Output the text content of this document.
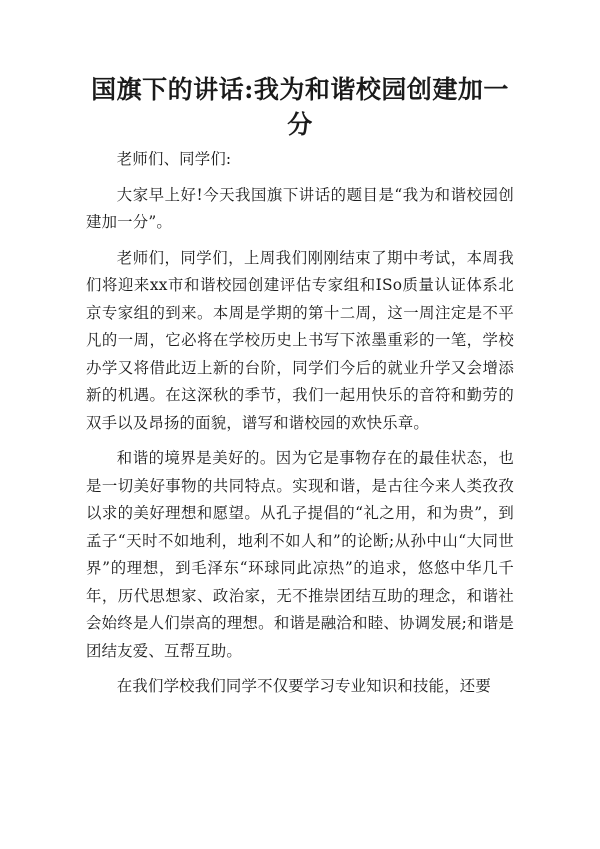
国旗下的讲话:我为和谐校园创建加一分

老师们、同学们:

大家早上好!今天我国旗下讲话的题目是“我为和谐校园创建加一分”。

老师们，同学们，上周我们刚刚结束了期中考试，本周我们将迎来xx市和谐校园创建评估专家组和ISo质量认证体系北京专家组的到来。本周是学期的第十二周，这一周注定是不平凡的一周，它必将在学校历史上书写下浓墨重彩的一笔，学校办学又将借此迈上新的台阶，同学们今后的就业升学又会增添新的机遇。在这深秋的季节，我们一起用快乐的音符和勤劳的双手以及昂扬的面貌，谱写和谐校园的欢快乐章。

和谐的境界是美好的。因为它是事物存在的最佳状态，也是一切美好事物的共同特点。实现和谐，是古往今来人类孜孜以求的美好理想和愿望。从孔子提倡的“礼之用，和为贵”，到孟子“天时不如地利，地利不如人和”的论断;从孙中山“大同世界”的理想，到毛泽东“环球同此凉热”的追求，悠悠中华几千年，历代思想家、政治家，无不推崇团结互助的理念，和谐社会始终是人们崇高的理想。和谐是融洽和睦、协调发展;和谐是团结友爱、互帮互助。

在我们学校我们同学不仅要学习专业知识和技能，还要
